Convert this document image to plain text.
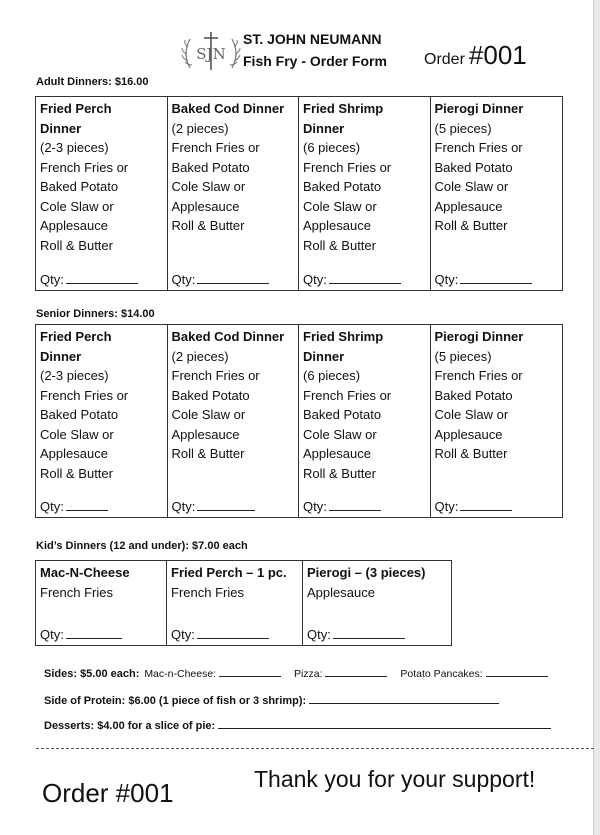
SJN
ST. JOHN NEUMANN
Fish Fry - Order Form Order #001
Adult Dinners: $16.00
Fried Perch
Dinner
(2-3 pieces)
French Fries or
Baked Potato
Cole Slaw or
Applesauce
Roll & Butter
Qty:
Baked Cod Dinner
(2 pieces)
French Fries or
Baked Potato
Cole Slaw or
Applesauce
Roll & Butter
Qty:
Fried Shrimp
Dinner
(6 pieces)
French Fries or
Baked Potato
Cole Slaw or
Applesauce
Roll & Butter
Qty:
Pierogi Dinner
(5 pieces)
French Fries or
Baked Potato
Cole Slaw or
Applesauce
Roll & Butter
Qty:
Senior Dinners: $14.00
Fried Perch
Dinner
(2-3 pieces)
French Fries or
Baked Potato
Cole Slaw or
Applesauce
Roll & Butter
Qty:
Baked Cod Dinner
(2 pieces)
French Fries or
Baked Potato
Cole Slaw or
Applesauce
Roll & Butter
Qty:
Fried Shrimp
Dinner
(6 pieces)
French Fries or
Baked Potato
Cole Slaw or
Applesauce
Roll & Butter
Qty:
Pierogi Dinner
(5 pieces)
French Fries or
Baked Potato
Cole Slaw or
Applesauce
Roll & Butter
Qty:
Kid’s Dinners (12 and under): $7.00 each
Mac-N-Cheese
French Fries
Qty:
Fried Perch – 1 pc.
French Fries
Qty:
Pierogi – (3 pieces)
Applesauce
Qty:
Sides: $5.00 each: Mac-n-Cheese:	Pizza:	Potato Pancakes:
Side of Protein: $6.00 (1 piece of fish or 3 shrimp):
Desserts: $4.00 for a slice of pie:
Order #001	Thank you for your support!
